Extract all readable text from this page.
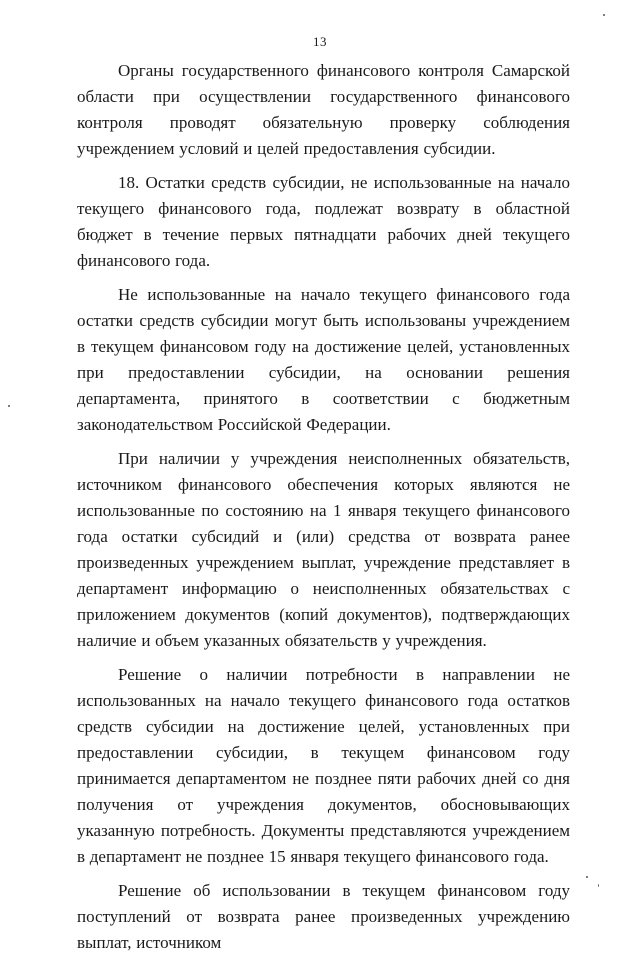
13

Органы государственного финансового контроля Самарской области при осуществлении государственного финансового контроля проводят обязательную проверку соблюдения учреждением условий и целей предоставления субсидии.

18. Остатки средств субсидии, не использованные на начало текущего финансового года, подлежат возврату в областной бюджет в течение первых пятнадцати рабочих дней текущего финансового года.

Не использованные на начало текущего финансового года остатки средств субсидии могут быть использованы учреждением в текущем финансовом году на достижение целей, установленных при предоставлении субсидии, на основании решения департамента, принятого в соответствии с бюджетным законодательством Российской Федерации.

При наличии у учреждения неисполненных обязательств, источником финансового обеспечения которых являются не использованные по состоянию на 1 января текущего финансового года остатки субсидий и (или) средства от возврата ранее произведенных учреждением выплат, учреждение представляет в департамент информацию о неисполненных обязательствах с приложением документов (копий документов), подтверждающих наличие и объем указанных обязательств у учреждения.

Решение о наличии потребности в направлении не использованных на начало текущего финансового года остатков средств субсидии на достижение целей, установленных при предоставлении субсидии, в текущем финансовом году принимается департаментом не позднее пяти рабочих дней со дня получения от учреждения документов, обосновывающих указанную потребность. Документы представляются учреждением в департамент не позднее 15 января текущего финансового года.

Решение об использовании в текущем финансовом году поступлений от возврата ранее произведенных учреждению выплат, источником
